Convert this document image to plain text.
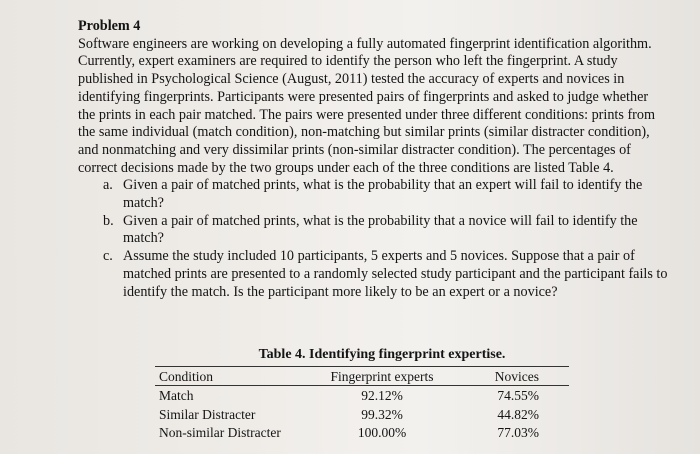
Problem 4

Software engineers are working on developing a fully automated fingerprint identification algorithm. Currently, expert examiners are required to identify the person who left the fingerprint. A study published in Psychological Science (August, 2011) tested the accuracy of experts and novices in identifying fingerprints. Participants were presented pairs of fingerprints and asked to judge whether the prints in each pair matched. The pairs were presented under three different conditions: prints from the same individual (match condition), non-matching but similar prints (similar distracter condition), and nonmatching and very dissimilar prints (non-similar distracter condition). The percentages of correct decisions made by the two groups under each of the three conditions are listed Table 4.

a. Given a pair of matched prints, what is the probability that an expert will fail to identify the match?
b. Given a pair of matched prints, what is the probability that a novice will fail to identify the match?
c. Assume the study included 10 participants, 5 experts and 5 novices. Suppose that a pair of matched prints are presented to a randomly selected study participant and the participant fails to identify the match. Is the participant more likely to be an expert or a novice?
Table 4. Identifying fingerprint expertise.
Condition	Fingerprint experts	Novices
Match	92.12%	74.55%
Similar Distracter	99.32%	44.82%
Non-similar Distracter	100.00%	77.03%
